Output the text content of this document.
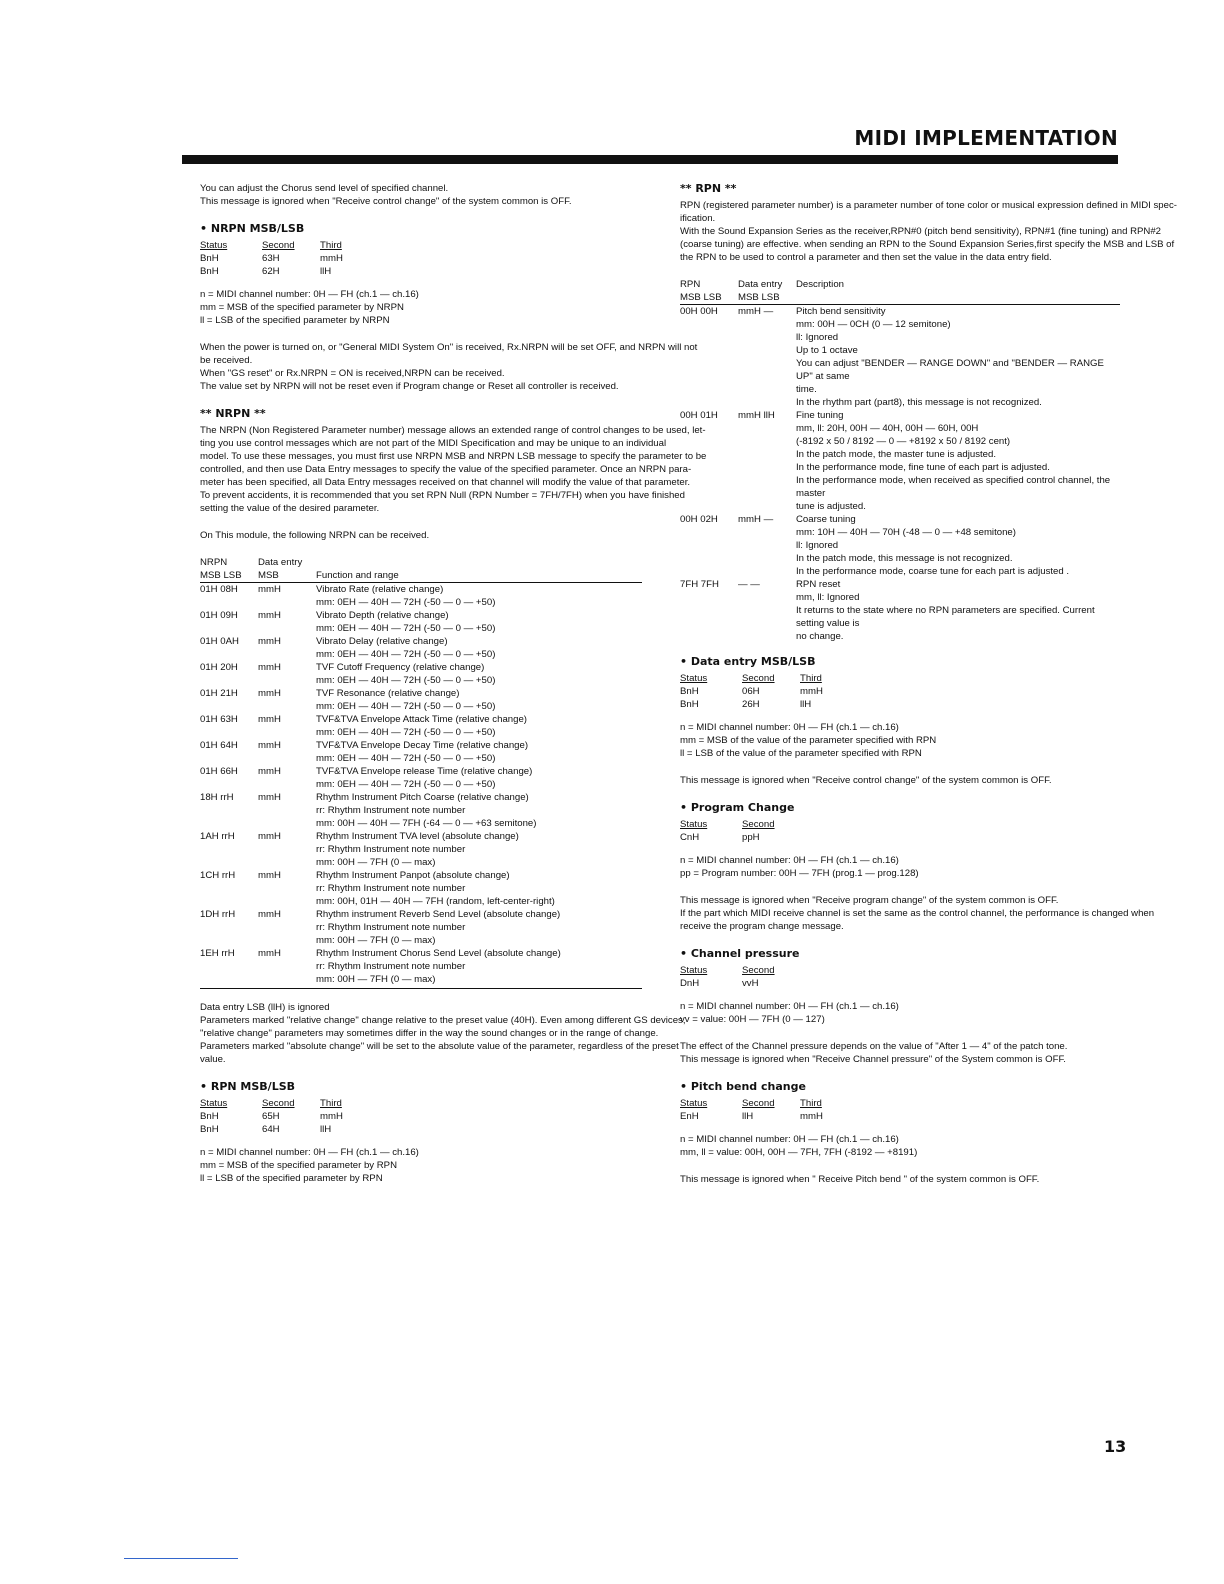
MIDI IMPLEMENTATION
You can adjust the Chorus send level of specified channel.
This message is ignored when "Receive control change" of the system common is OFF.
• NRPN MSB/LSB
Status	Second	Third
BnH	63H	mmH
BnH	62H	llH
n = MIDI channel number: 0H — FH (ch.1 — ch.16)
mm = MSB of the specified parameter by NRPN
ll = LSB of the specified parameter by NRPN
When the power is turned on, or "General MIDI System On" is received, Rx.NRPN will be set OFF, and NRPN will not
be received.
When "GS reset" or Rx.NRPN = ON is received,NRPN can be received.
The value set by NRPN will not be reset even if Program change or Reset all controller is received.
** NRPN **
The NRPN (Non Registered Parameter number) message allows an extended range of control changes to be used, let-
ting you use control messages which are not part of the MIDI Specification and may be unique to an individual
model. To use these messages, you must first use NRPN MSB and NRPN LSB message to specify the parameter to be
controlled, and then use Data Entry messages to specify the value of the specified parameter. Once an NRPN para-
meter has been specified, all Data Entry messages received on that channel will modify the value of that parameter.
To prevent accidents, it is recommended that you set RPN Null (RPN Number = 7FH/7FH) when you have finished
setting the value of the desired parameter.
On This module, the following NRPN can be received.
NRPN	Data entry
MSB LSB	MSB	Function and range
01H 08H	mmH	Vibrato Rate (relative change)
mm: 0EH — 40H — 72H (-50 — 0 — +50)
01H 09H	mmH	Vibrato Depth (relative change)
mm: 0EH — 40H — 72H (-50 — 0 — +50)
01H 0AH	mmH	Vibrato Delay (relative change)
mm: 0EH — 40H — 72H (-50 — 0 — +50)
01H 20H	mmH	TVF Cutoff Frequency (relative change)
mm: 0EH — 40H — 72H (-50 — 0 — +50)
01H 21H	mmH	TVF Resonance (relative change)
mm: 0EH — 40H — 72H (-50 — 0 — +50)
01H 63H	mmH	TVF&TVA Envelope Attack Time (relative change)
mm: 0EH — 40H — 72H (-50 — 0 — +50)
01H 64H	mmH	TVF&TVA Envelope Decay Time (relative change)
mm: 0EH — 40H — 72H (-50 — 0 — +50)
01H 66H	mmH	TVF&TVA Envelope release Time (relative change)
mm: 0EH — 40H — 72H (-50 — 0 — +50)
18H rrH	mmH	Rhythm Instrument Pitch Coarse (relative change)
rr: Rhythm Instrument note number
mm: 00H — 40H — 7FH (-64 — 0 — +63 semitone)
1AH rrH	mmH	Rhythm Instrument TVA level (absolute change)
rr: Rhythm Instrument note number
mm: 00H — 7FH (0 — max)
1CH rrH	mmH	Rhythm Instrument Panpot (absolute change)
rr: Rhythm Instrument note number
mm: 00H, 01H — 40H — 7FH (random, left-center-right)
1DH rrH	mmH	Rhythm instrument Reverb Send Level (absolute change)
rr: Rhythm Instrument note number
mm: 00H — 7FH (0 — max)
1EH rrH	mmH	Rhythm Instrument Chorus Send Level (absolute change)
rr: Rhythm Instrument note number
mm: 00H — 7FH (0 — max)
Data entry LSB (llH) is ignored
Parameters marked "relative change" change relative to the preset value (40H). Even among different GS devices,
"relative change" parameters may sometimes differ in the way the sound changes or in the range of change.
Parameters marked "absolute change" will be set to the absolute value of the parameter, regardless of the preset
value.
• RPN MSB/LSB
Status	Second	Third
BnH	65H	mmH
BnH	64H	llH
n = MIDI channel number: 0H — FH (ch.1 — ch.16)
mm = MSB of the specified parameter by RPN
ll = LSB of the specified parameter by RPN
** RPN **
RPN (registered parameter number) is a parameter number of tone color or musical expression defined in MIDI spec-
ification.
With the Sound Expansion Series as the receiver,RPN#0 (pitch bend sensitivity), RPN#1 (fine tuning) and RPN#2
(coarse tuning) are effective. when sending an RPN to the Sound Expansion Series,first specify the MSB and LSB of
the RPN to be used to control a parameter and then set the value in the data entry field.
RPN	Data entry	Description
MSB LSB	MSB LSB
00H 00H	mmH —	Pitch bend sensitivity
mm: 00H — 0CH (0 — 12 semitone)
ll: Ignored
Up to 1 octave
You can adjust "BENDER — RANGE DOWN" and "BENDER — RANGE UP" at same
time.
In the rhythm part (part8), this message is not recognized.
00H 01H	mmH llH	Fine tuning
mm, ll: 20H, 00H — 40H, 00H — 60H, 00H
(-8192 x 50 / 8192 — 0 — +8192 x 50 / 8192 cent)
In the patch mode, the master tune is adjusted.
In the performance mode, fine tune of each part is adjusted.
In the performance mode, when received as specified control channel, the master
tune is adjusted.
00H 02H	mmH —	Coarse tuning
mm: 10H — 40H — 70H (-48 — 0 — +48 semitone)
ll: Ignored
In the patch mode, this message is not recognized.
In the performance mode, coarse tune for each part is adjusted .
7FH 7FH	— —	RPN reset
mm, ll: Ignored
It returns to the state where no RPN parameters are specified. Current setting value is
no change.
• Data entry MSB/LSB
Status	Second	Third
BnH	06H	mmH
BnH	26H	llH
n = MIDI channel number: 0H — FH (ch.1 — ch.16)
mm = MSB of the value of the parameter specified with RPN
ll = LSB of the value of the parameter specified with RPN
This message is ignored when "Receive control change" of the system common is OFF.
• Program Change
Status	Second
CnH	ppH
n = MIDI channel number: 0H — FH (ch.1 — ch.16)
pp = Program number: 00H — 7FH (prog.1 — prog.128)
This message is ignored when "Receive program change" of the system common is OFF.
If the part which MIDI receive channel is set the same as the control channel, the performance is changed when
receive the program change message.
• Channel pressure
Status	Second
DnH	vvH
n = MIDI channel number: 0H — FH (ch.1 — ch.16)
vv = value: 00H — 7FH (0 — 127)
The effect of the Channel pressure depends on the value of "After 1 — 4" of the patch tone.
This message is ignored when "Receive Channel pressure" of the System common is OFF.
• Pitch bend change
Status	Second	Third
EnH	llH	mmH
n = MIDI channel number: 0H — FH (ch.1 — ch.16)
mm, ll = value: 00H, 00H — 7FH, 7FH (-8192 — +8191)
This message is ignored when " Receive Pitch bend " of the system common is OFF.
13
